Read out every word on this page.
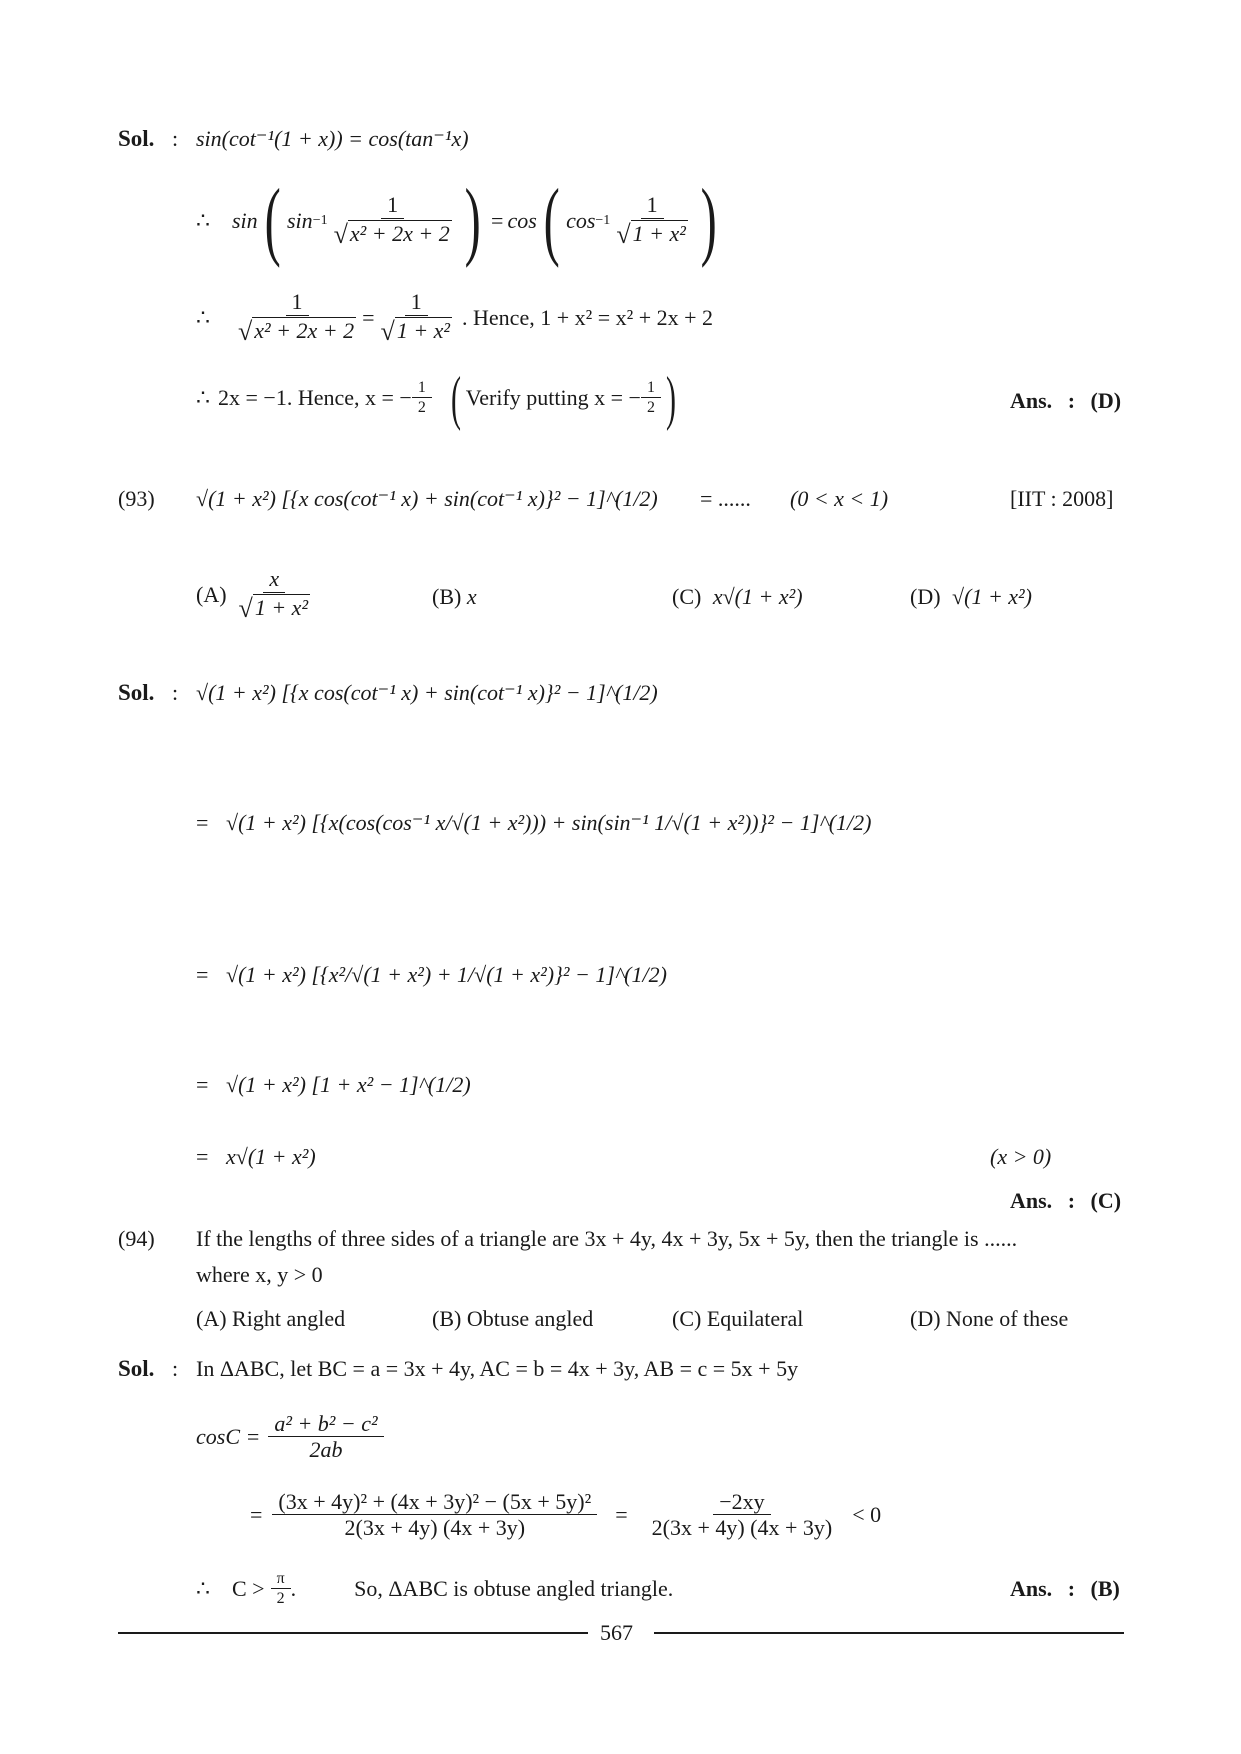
Sol. : sin(cot⁻¹(1 + x)) = cos(tan⁻¹x)
∴ sin ( $\sin -1 \frac{1}{\text{√x² + 2x + 2}}$ ) = cos ( $\cos -1 \frac{1}{\text{√1 + x²}}$ )
∴ $\frac{1}{\text{√x² + 2x + 2}} = \frac{1}{\text{√1 + x²}}$ . Hence, 1 + x² = x² + 2x + 2
∴ 2x = −1. Hence, x = − $\frac{1}{2}$ ( Verify putting x = − $\frac{1}{2}$ )	Ans. : (D)
(93) √(1 + x²) [{x cos(cot⁻¹ x) + sin(cot⁻¹ x)}² − 1]^(1/2) = ...... (0 < x < 1)	[IIT : 2008]
$(A) \frac{x}{\text{√1 + x²}}$	(B) x	(C) x√(1 + x²)	(D) √(1 + x²)
Sol. : √(1 + x²) [{x cos(cot⁻¹ x) + sin(cot⁻¹ x)}² − 1]^(1/2)
= √(1 + x²) [{x(cos(cos⁻¹ x/√(1 + x²))) + sin(sin⁻¹ 1/√(1 + x²))}² − 1]^(1/2)
= √(1 + x²) [{x²/√(1 + x²) + 1/√(1 + x²)}² − 1]^(1/2)
= √(1 + x²) [1 + x² − 1]^(1/2)
= x√(1 + x²)	(x > 0)
Ans. : (C)
(94) If the lengths of three sides of a triangle are 3x + 4y, 4x + 3y, 5x + 5y, then the triangle is ......
where x, y > 0
(A) Right angled	(B) Obtuse angled	(C) Equilateral	(D) None of these
Sol. : In ΔABC, let BC = a = 3x + 4y, AC = b = 4x + 3y, AB = c = 5x + 5y
$\cos C = \frac{\text{a² + b² − c²}}{2ab}$
= $\frac{\text{(3x + 4y)² + (4x + 3y)² − (5x + 5y)²}}{2(3x + 4y) (4x + 3y)} = \frac{-2xy}{2(3x + 4y) (4x + 3y)} < 0$
∴ $C > \frac{\pi}{2}$ .	So, ΔABC is obtuse angled triangle.	Ans. : (B)
567
